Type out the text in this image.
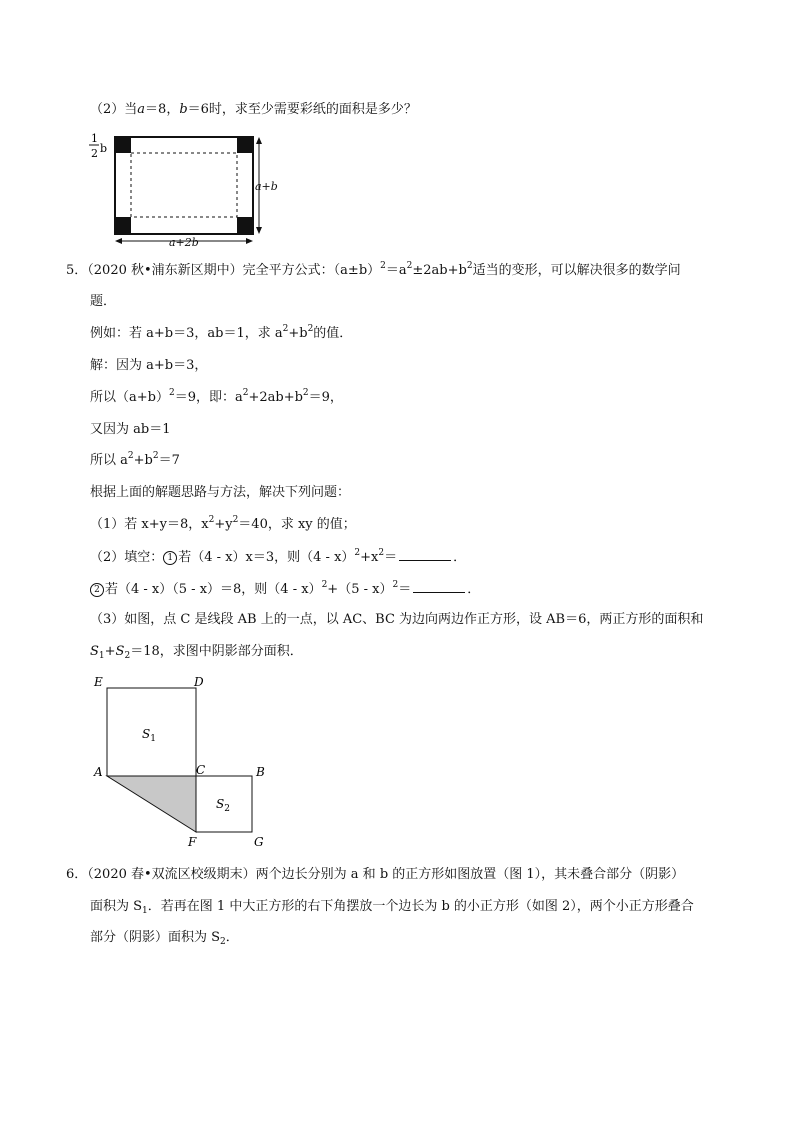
（2）当a＝8，b＝6时，求至少需要彩纸的面积是多少？
1
2 b
a+b
a+2b
5．（2020 秋•浦东新区期中）完全平方公式：$(a\pm b)^2=a^2\pm 2ab+b^2$适当的变形，可以解决很多的数学问
题．
例如：若 a+b＝3，ab＝1，求 $a^2+b^2$的值．
解：因为 a+b＝3，
所以$(a+b)^2=9$，即：$a^2+2ab+b^2=9$，
又因为 ab＝1
所以 $a^2+b^2=7$
根据上面的解题思路与方法，解决下列问题：
（1）若 x+y＝8，$x^2+y^2=40$，求 xy 的值；
（2）填空： 1 若（4 - x）x＝3，则$(4 - x)^2+x^2=$	．
2 若（4 - x）（5 - x）＝8，则（4 - x）$^2$+（5 - x）$^2$＝	．
（3）如图，点 C 是线段 AB 上的一点，以 AC、BC 为边向两边作正方形，设 AB＝6，两正方形的面积和
$S_1+S_2=18$，求图中阴影部分面积．
E	D
$S_1$
A	C	B
$S_2$
F	G
6．（2020 春•双流区校级期末）两个边长分别为 a 和 b 的正方形如图放置（图 1），其未叠合部分（阴影）
面积为 $S_1$．若再在图 1 中大正方形的右下角摆放一个边长为 b 的小正方形（如图 2），两个小正方形叠合
部分（阴影）面积为 $S_2$．
